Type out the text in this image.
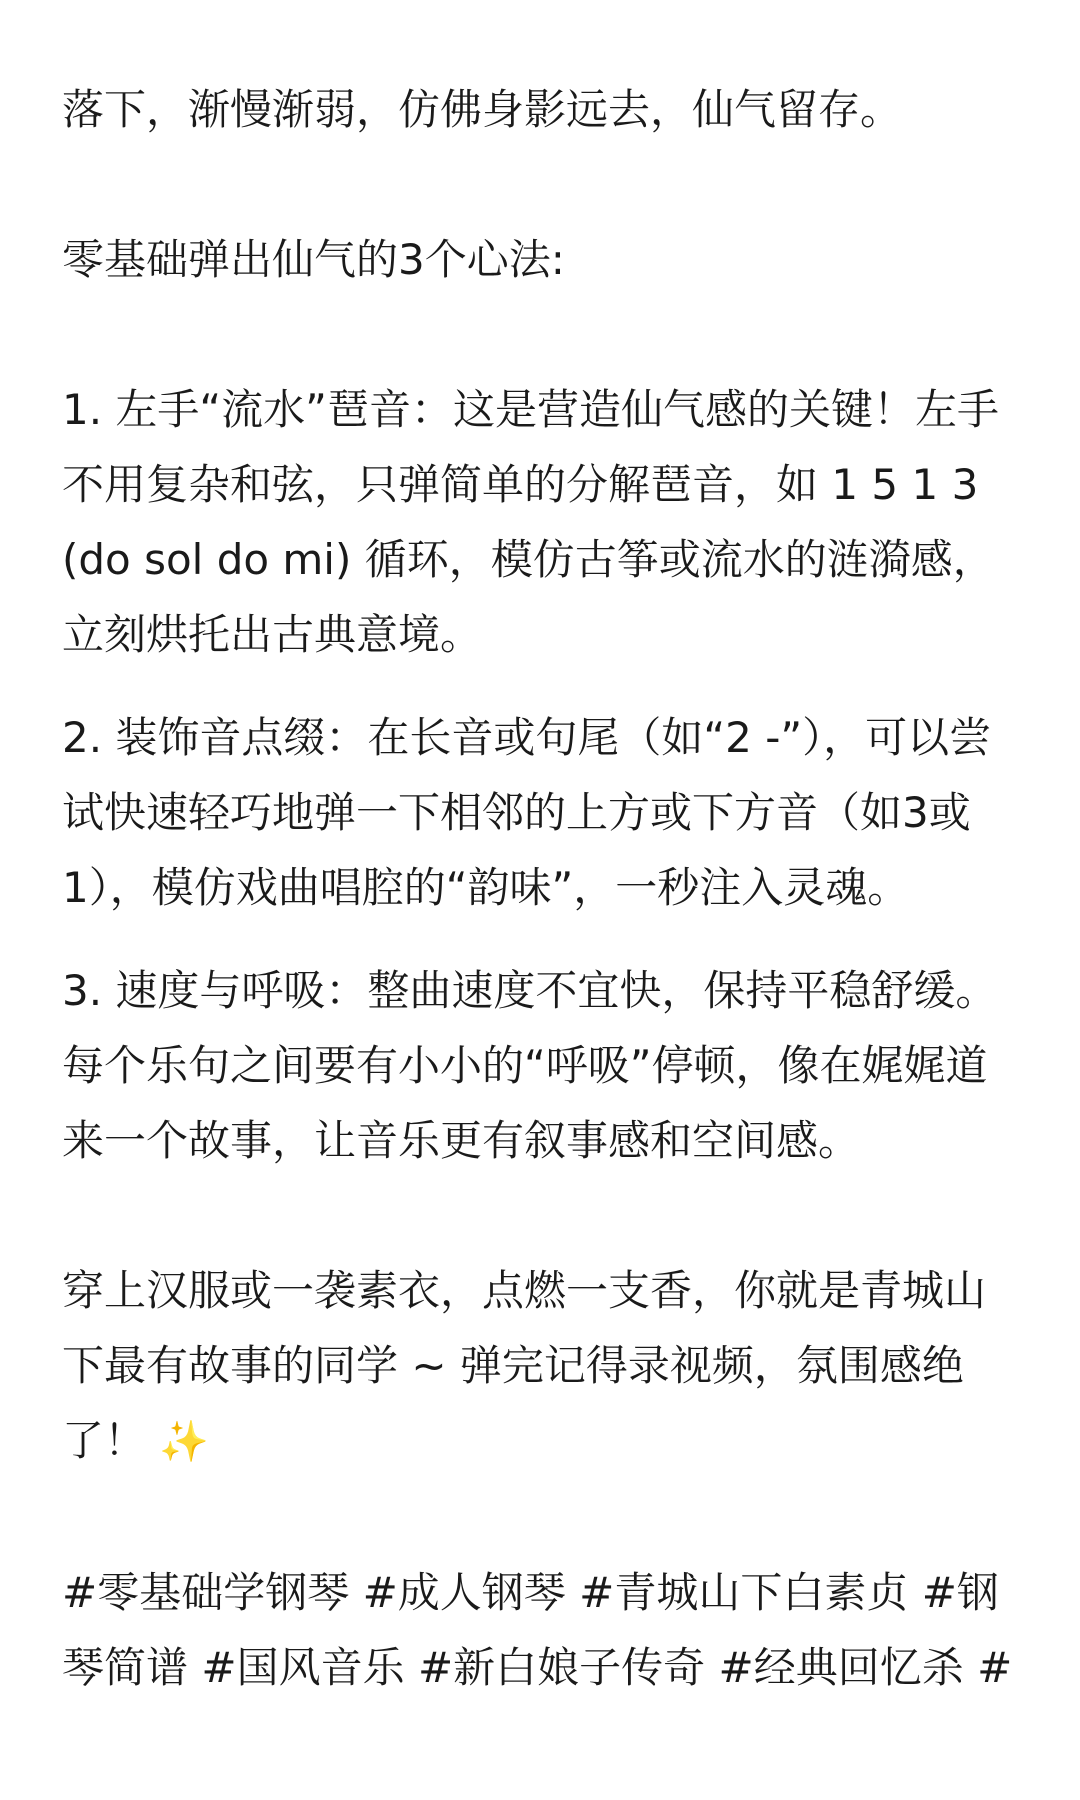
落下，渐慢渐弱，仿佛身影远去，仙气留存。

零基础弹出仙气的3个心法:

1. 左手“流水”琶音：这是营造仙气感的关键！左手不用复杂和弦，只弹简单的分解琶音，如 1 5 1 3 (do sol do mi) 循环，模仿古筝或流水的涟漪感，立刻烘托出古典意境。

2. 装饰音点缀：在长音或句尾（如“2 -”），可以尝试快速轻巧地弹一下相邻的上方或下方音（如3或1），模仿戏曲唱腔的“韵味”，一秒注入灵魂。

3. 速度与呼吸：整曲速度不宜快，保持平稳舒缓。每个乐句之间要有小小的“呼吸”停顿，像在娓娓道来一个故事，让音乐更有叙事感和空间感。

穿上汉服或一袭素衣，点燃一支香，你就是青城山下最有故事的同学 ~ 弹完记得录视频，氛围感绝了！ ✨

#零基础学钢琴 #成人钢琴 #青城山下白素贞 #钢琴简谱 #国风音乐 #新白娘子传奇 #经典回忆杀 #
